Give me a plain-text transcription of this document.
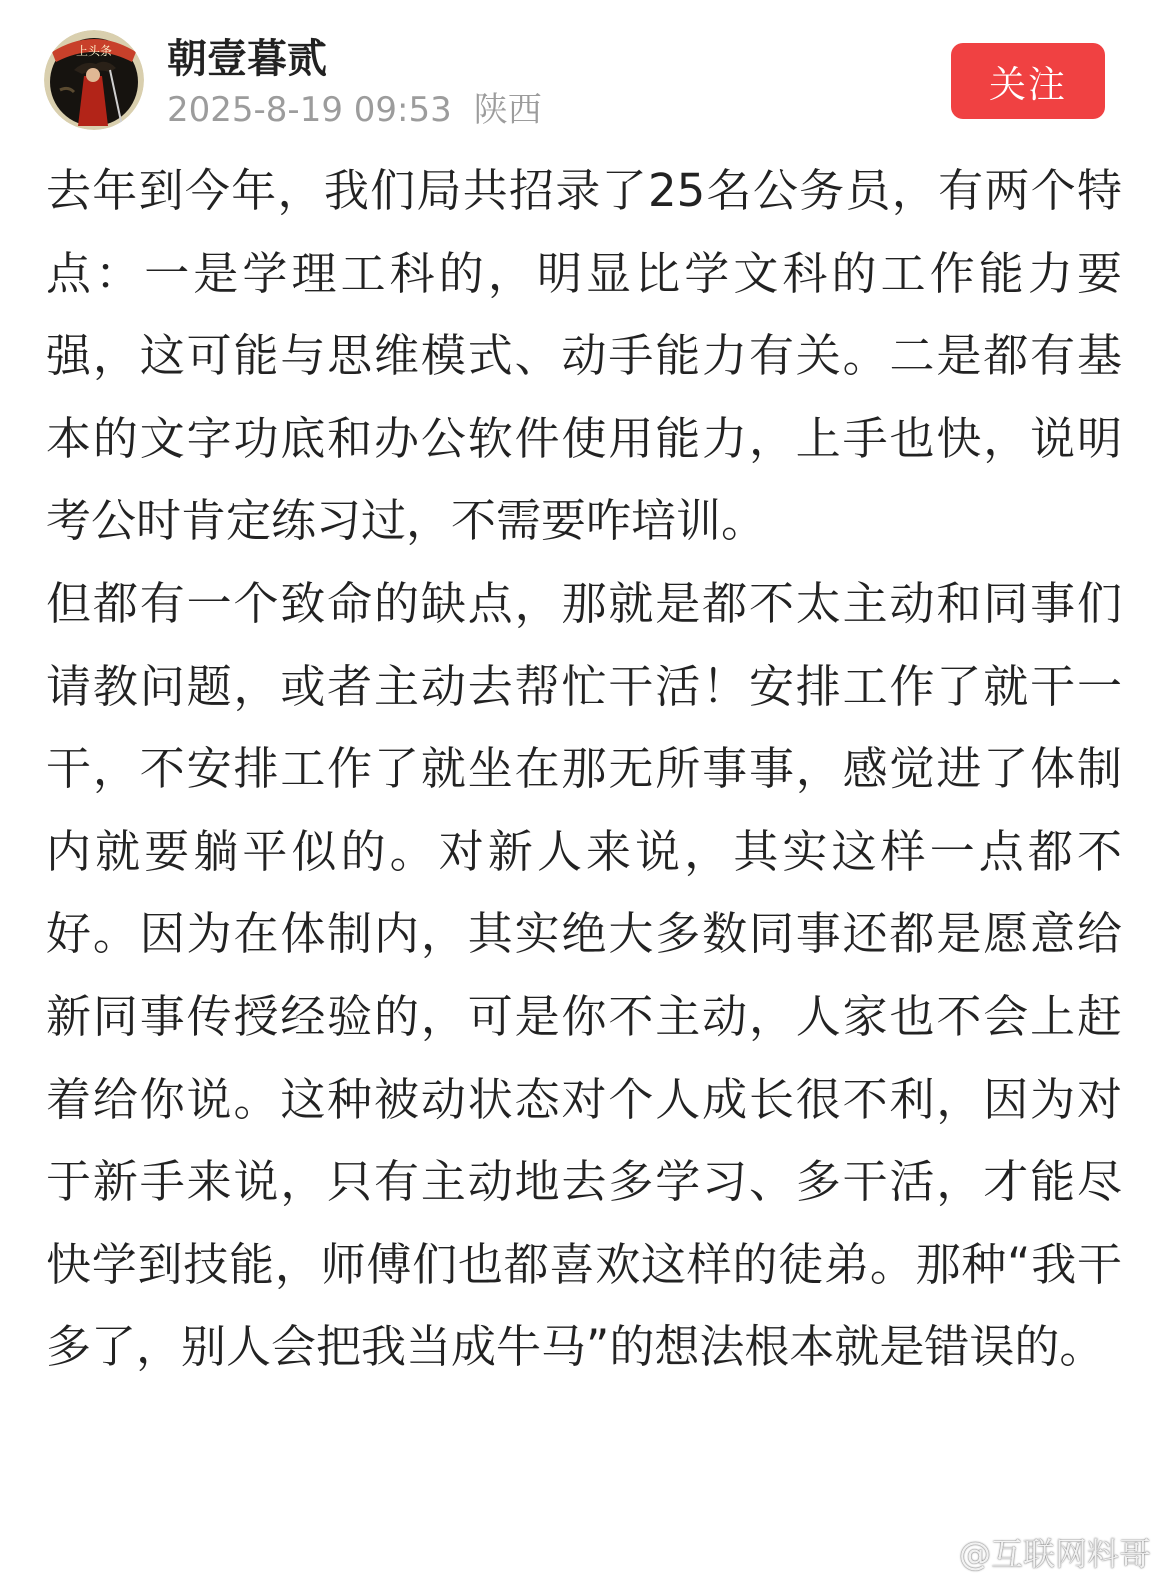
上头条 朝壹暮贰
2025-8-19 09:53 陕西
关注

去年到今年，我们局共招录了25名公务员，有两个特点：一是学理工科的，明显比学文科的工作能力要强，这可能与思维模式、动手能力有关。二是都有基本的文字功底和办公软件使用能力，上手也快，说明考公时肯定练习过，不需要咋培训。

但都有一个致命的缺点，那就是都不太主动和同事们请教问题，或者主动去帮忙干活！安排工作了就干一干，不安排工作了就坐在那无所事事，感觉进了体制内就要躺平似的。对新人来说，其实这样一点都不好。因为在体制内，其实绝大多数同事还都是愿意给新同事传授经验的，可是你不主动，人家也不会上赶着给你说。这种被动状态对个人成长很不利，因为对于新手来说，只有主动地去多学习、多干活，才能尽快学到技能，师傅们也都喜欢这样的徒弟。那种“我干多了，别人会把我当成牛马”的想法根本就是错误的。

@互联网料哥
